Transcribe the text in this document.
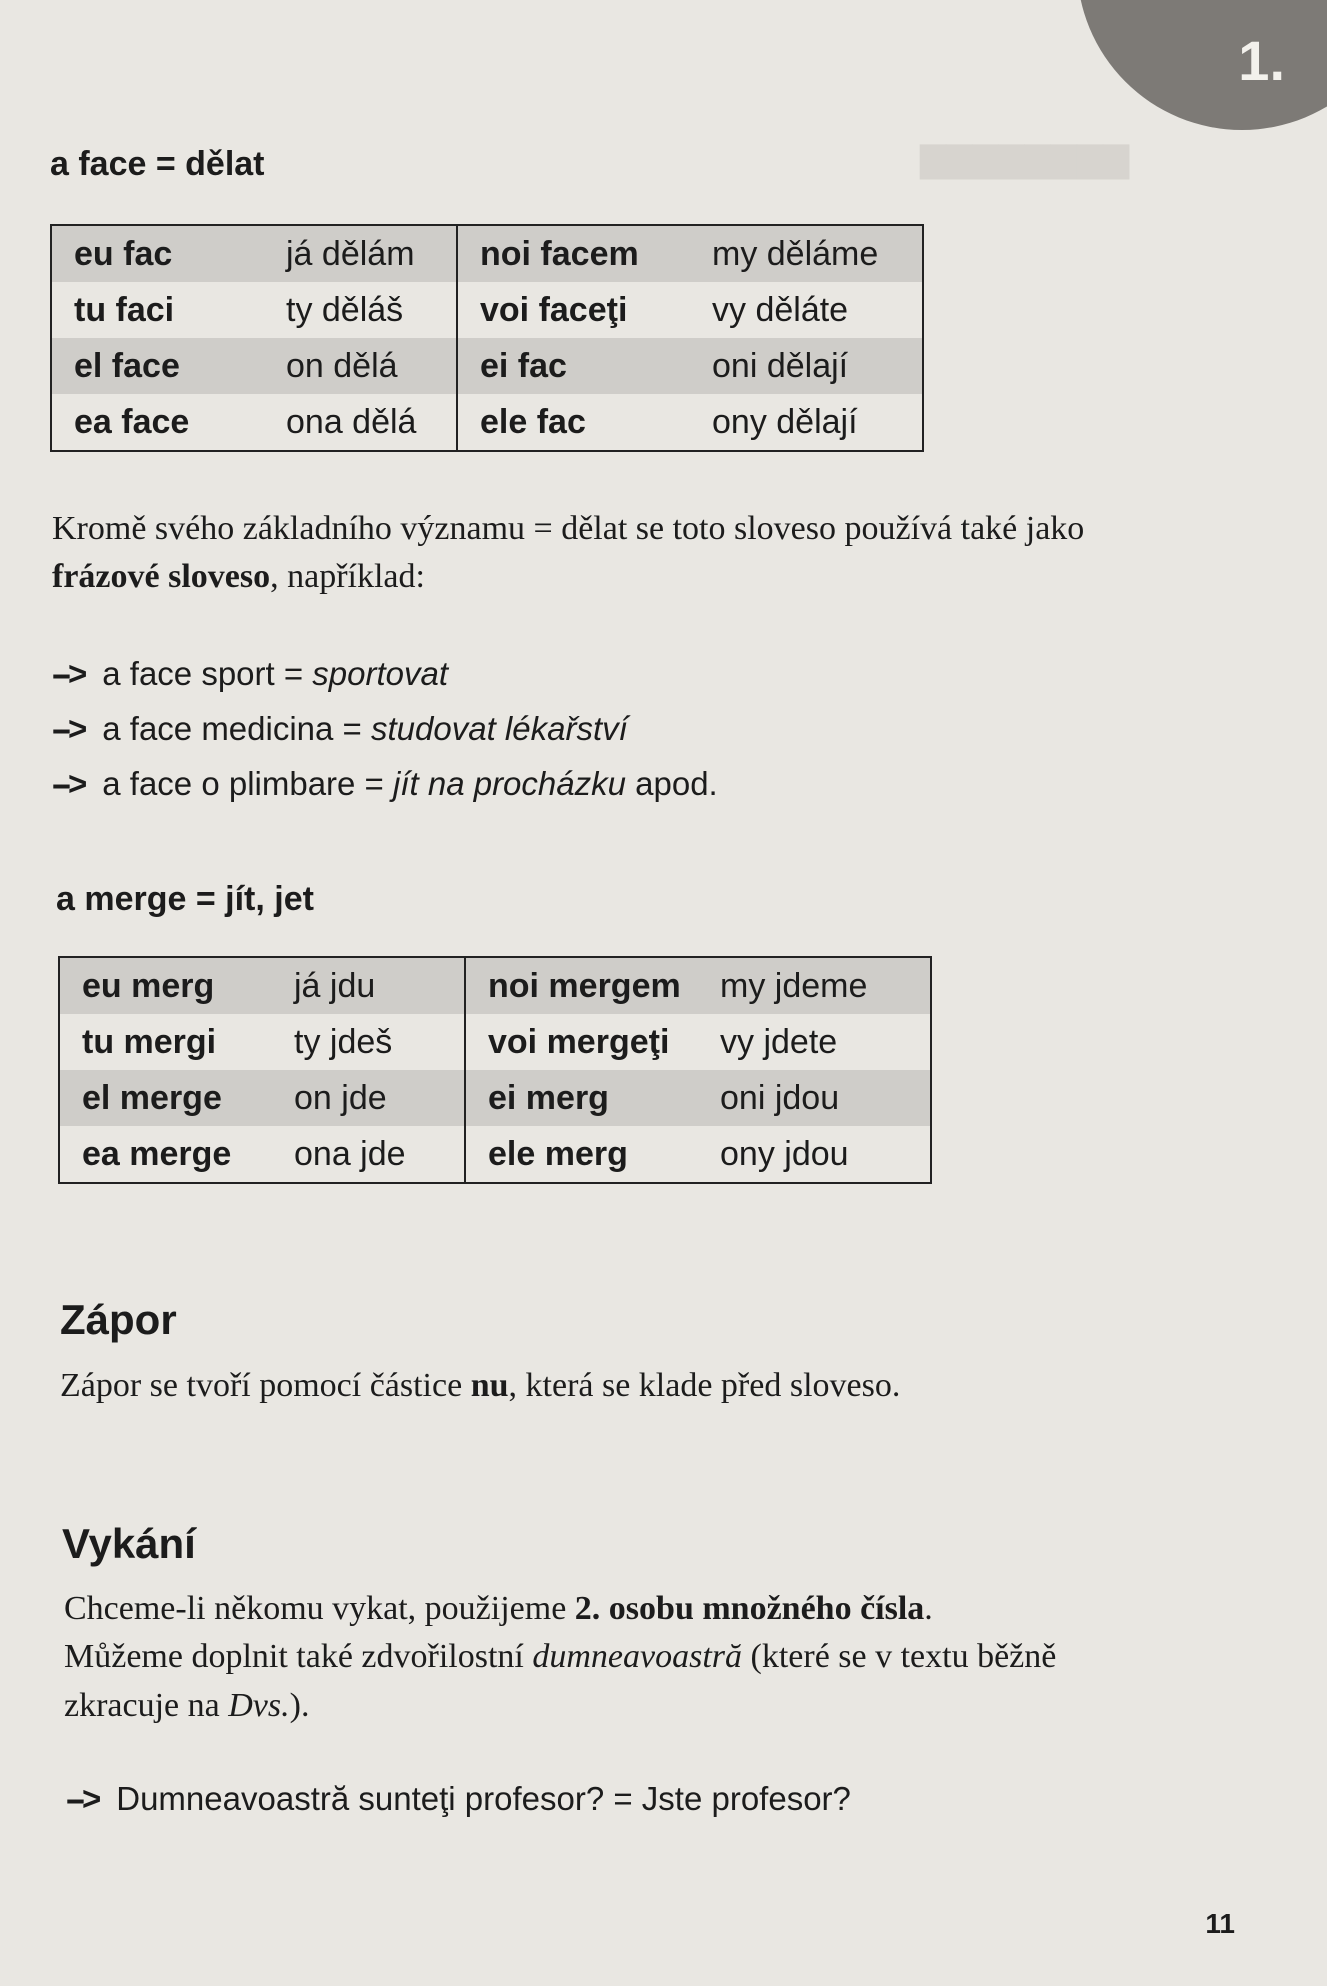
1.
▇▇▇▇▇▇▇▇
a face = dělat
eu fac	já dělám	noi facem	my děláme
tu faci	ty děláš	voi faceţi	vy děláte
el face	on dělá	ei fac	oni dělají
ea face	ona dělá	ele fac	ony dělají
Kromě svého základního významu = dělat se toto sloveso používá také jako
frázové sloveso, například:
--> a face sport = sportovat
--> a face medicina = studovat lékařství
--> a face o plimbare = jít na procházku apod.
a merge = jít, jet
eu merg	já jdu	noi mergem	my jdeme
tu mergi	ty jdeš	voi mergeţi	vy jdete
el merge	on jde	ei merg	oni jdou
ea merge	ona jde	ele merg	ony jdou
Zápor
Zápor se tvoří pomocí částice nu, která se klade před sloveso.
Vykání
Chceme-li někomu vykat, použijeme 2. osobu množného čísla.
Můžeme doplnit také zdvořilostní dumneavoastră (které se v textu běžně
zkracuje na Dvs.).
--> Dumneavoastră sunteţi profesor? = Jste profesor?
11
